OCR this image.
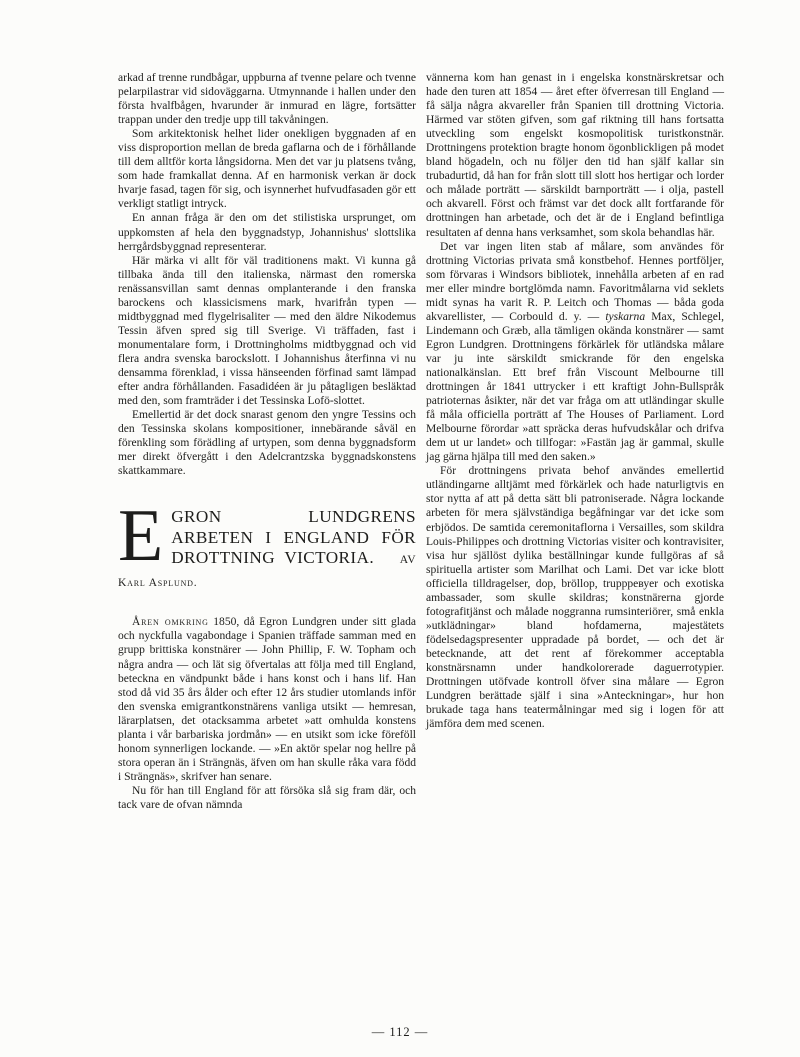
arkad af trenne rundbågar, uppburna af tvenne pelare och tvenne pelarpilastrar vid sidoväggarna. Utmynnande i hallen under den första hvalfbågen, hvarunder är inmurad en lägre, fortsätter trappan under den tredje upp till takvåningen.

Som arkitektonisk helhet lider onekligen byggnaden af en viss disproportion mellan de breda gaflarna och de i förhållande till dem alltför korta långsidorna. Men det var ju platsens tvång, som hade framkallat denna. Af en harmonisk verkan är dock hvarje fasad, tagen för sig, och isynnerhet hufvudfasaden gör ett verkligt statligt intryck.

En annan fråga är den om det stilistiska ursprunget, om uppkomsten af hela den byggnadstyp, Johannishus' slottslika herrgårdsbyggnad representerar.

Här märka vi allt för väl traditionens makt. Vi kunna gå tillbaka ända till den italienska, närmast den romerska renässansvillan samt dennas omplanterande i den franska barockens och klassicismens mark, hvarifrån typen — midtbyggnad med flygelrisaliter — med den äldre Nikodemus Tessin äfven spred sig till Sverige. Vi träffaden, fast i monumentalare form, i Drottningholms midtbyggnad och vid flera andra svenska barockslott. I Johannishus återfinna vi nu densamma förenklad, i vissa hänseenden förfinad samt lämpad efter andra förhållanden. Fasadidéen är ju påtagligen besläktad med den, som framträder i det Tessinska Lofö-slottet.

Emellertid är det dock snarast genom den yngre Tessins och den Tessinska skolans kompositioner, innebärande såväl en förenkling som förädling af urtypen, som denna byggnadsform mer direkt öfvergått i den Adelcrantzska byggnadskonstens skattkammare.

E GRON LUNDGRENS ARBETEN I ENGLAND FÖR DROTTNING VICTORIA. AV Karl Asplund.

Åren omkring 1850, då Egron Lundgren under sitt glada och nyckfulla vagabondage i Spanien träffade samman med en grupp brittiska konstnärer — John Phillip, F. W. Topham och några andra — och lät sig öfvertalas att följa med till England, beteckna en vändpunkt både i hans konst och i hans lif. Han stod då vid 35 års ålder och efter 12 års studier utomlands inför den svenska emigrantkonstnärens vanliga utsikt — hemresan, lärarplatsen, det otacksamma arbetet »att omhulda konstens planta i vår barbariska jordmån» — en utsikt som icke föreföll honom synnerligen lockande. — »En aktör spelar nog hellre på stora operan än i Strängnäs, äfven om han skulle råka vara född i Strängnäs», skrifver han senare.

Nu för han till England för att försöka slå sig fram där, och tack vare de ofvan nämnda

vännerna kom han genast in i engelska konstnärskretsar och hade den turen att 1854 — året efter öfverresan till England — få sälja några akvareller från Spanien till drottning Victoria. Härmed var stöten gifven, som gaf riktning till hans fortsatta utveckling som engelskt kosmopolitisk turistkonstnär. Drottningens protektion bragte honom ögonblickligen på modet bland högadeln, och nu följer den tid han själf kallar sin trubadurtid, då han for från slott till slott hos hertigar och lorder och målade porträtt — särskildt barnporträtt — i olja, pastell och akvarell. Först och främst var det dock allt fortfarande för drottningen han arbetade, och det är de i England befintliga resultaten af denna hans verksamhet, som skola behandlas här.

Det var ingen liten stab af målare, som användes för drottning Victorias privata små konstbehof. Hennes portföljer, som förvaras i Windsors bibliotek, innehålla arbeten af en rad mer eller mindre bortglömda namn. Favoritmålarna vid seklets midt synas ha varit R. P. Leitch och Thomas — båda goda akvarellister, — Corbould d. y. — tyskarna Max, Schlegel, Lindemann och Græb, alla tämligen okända konstnärer — samt Egron Lundgren. Drottningens förkärlek för utländska målare var ju inte särskildt smickrande för den engelska nationalkänslan. Ett bref från Viscount Melbourne till drottningen år 1841 uttrycker i ett kraftigt John-Bullspråk patrioternas åsikter, när det var fråga om att utländingar skulle få måla officiella porträtt af The Houses of Parliament. Lord Melbourne förordar »att spräcka deras hufvudskålar och drifva dem ut ur landet» och tillfogar: »Fastän jag är gammal, skulle jag gärna hjälpa till med den saken.»

För drottningens privata behof användes emellertid utländingarne alltjämt med förkärlek och hade naturligtvis en stor nytta af att på detta sätt bli patroniserade. Några lockande arbeten för mera självständiga begåfningar var det icke som erbjödos. De samtida ceremonitaflorna i Versailles, som skildra Louis-Philippes och drottning Victorias visiter och kontravisiter, visa hur själlöst dylika beställningar kunde fullgöras af så spirituella artister som Marilhat och Lami. Det var icke blott officiella tilldragelser, dop, bröllop, truppревуer och exotiska ambassader, som skulle skildras; konstnärerna gjorde fotografitjänst och målade noggranna rumsinteriörer, små enkla »utklädningar» bland hofdamerna, majestätets födelsedagspresenter uppradade på bordet, — och det är betecknande, att det rent af förekommer acceptabla konstnärsnamn under handkolorerade daguerrotypier. Drottningen utöfvade kontroll öfver sina målare — Egron Lundgren berättade själf i sina »Anteckningar», hur hon brukade taga hans teatermålningar med sig i logen för att jämföra dem med scenen.

— 112 —
